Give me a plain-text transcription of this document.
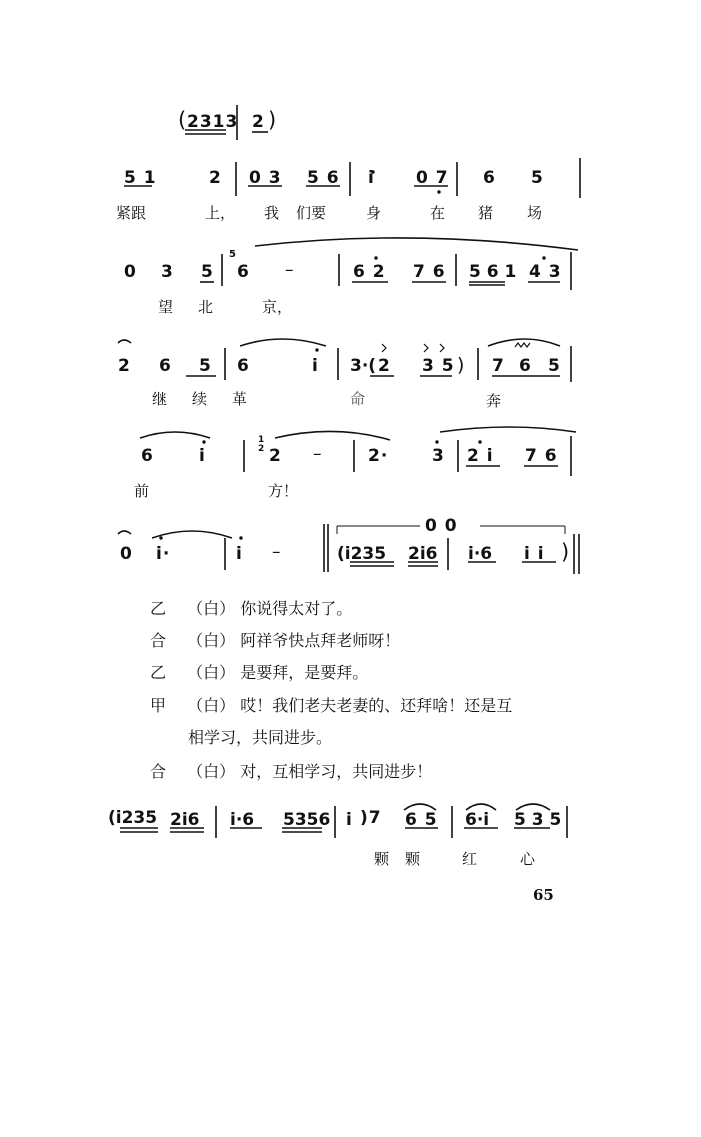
( 2313 2 )
5 1	2 0 3 5 6 i 0 7 6 5
紧跟	上， 我 们要	身	在 猪 场
0 3 5
5
6 –	6 2 7 6 5 6 1 4 3
望 北	京，
2 6 5 6	i 3·( 2 3 5 ) 7 6 5
继 续 革	命	奔
6	i
1 2 2 –	2·	3 2 i 7 6
前	方！
0 i·	i –	(i235 2i6 i·6 i i )
0 0
乙 （白） 你说得太对了。
合 （白） 阿祥爷快点拜老师呀！
乙 （白） 是要拜，是要拜。
甲 （白） 哎！我们老夫老妻的、还拜啥！还是互
相学习，共同进步。
合 （白） 对，互相学习，共同进步！
(i235 2i6 i·6 5356 i )7 6 5 6·i 5 3 5
颗 颗	红	心
65
